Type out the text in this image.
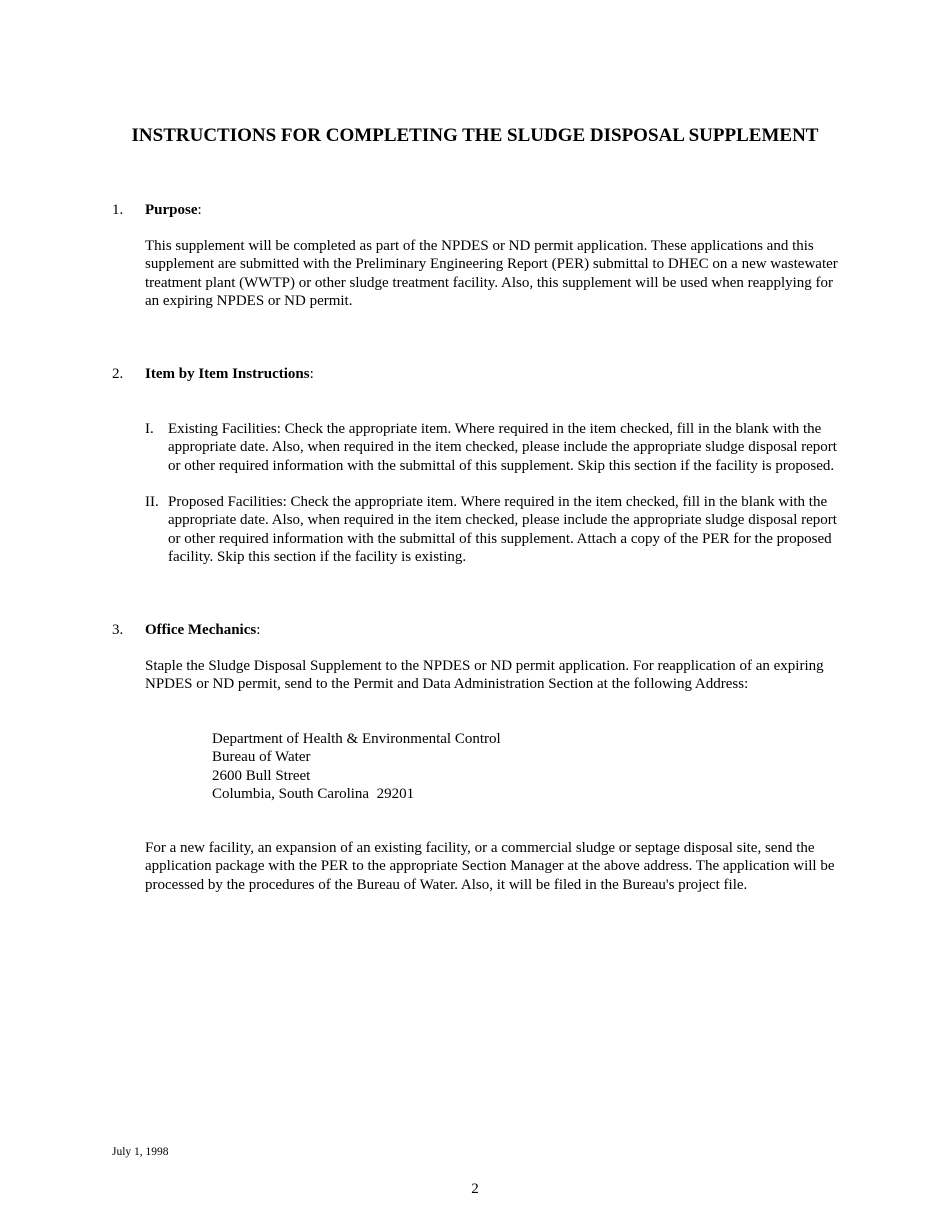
INSTRUCTIONS FOR COMPLETING THE SLUDGE DISPOSAL SUPPLEMENT
1. Purpose:

This supplement will be completed as part of the NPDES or ND permit application. These applications and this supplement are submitted with the Preliminary Engineering Report (PER) submittal to DHEC on a new wastewater treatment plant (WWTP) or other sludge treatment facility. Also, this supplement will be used when reapplying for an expiring NPDES or ND permit.

2. Item by Item Instructions:
I. Existing Facilities: Check the appropriate item. Where required in the item checked, fill in the blank with the appropriate date. Also, when required in the item checked, please include the appropriate sludge disposal report or other required information with the submittal of this supplement. Skip this section if the facility is proposed.
II. Proposed Facilities: Check the appropriate item. Where required in the item checked, fill in the blank with the appropriate date. Also, when required in the item checked, please include the appropriate sludge disposal report or other required information with the submittal of this supplement. Attach a copy of the PER for the proposed facility. Skip this section if the facility is existing.
3. Office Mechanics:

Staple the Sludge Disposal Supplement to the NPDES or ND permit application. For reapplication of an expiring NPDES or ND permit, send to the Permit and Data Administration Section at the following Address:

Department of Health & Environmental Control
Bureau of Water
2600 Bull Street
Columbia, South Carolina  29201

For a new facility, an expansion of an existing facility, or a commercial sludge or septage disposal site, send the application package with the PER to the appropriate Section Manager at the above address. The application will be processed by the procedures of the Bureau of Water. Also, it will be filed in the Bureau's project file.

July 1, 1998
2
